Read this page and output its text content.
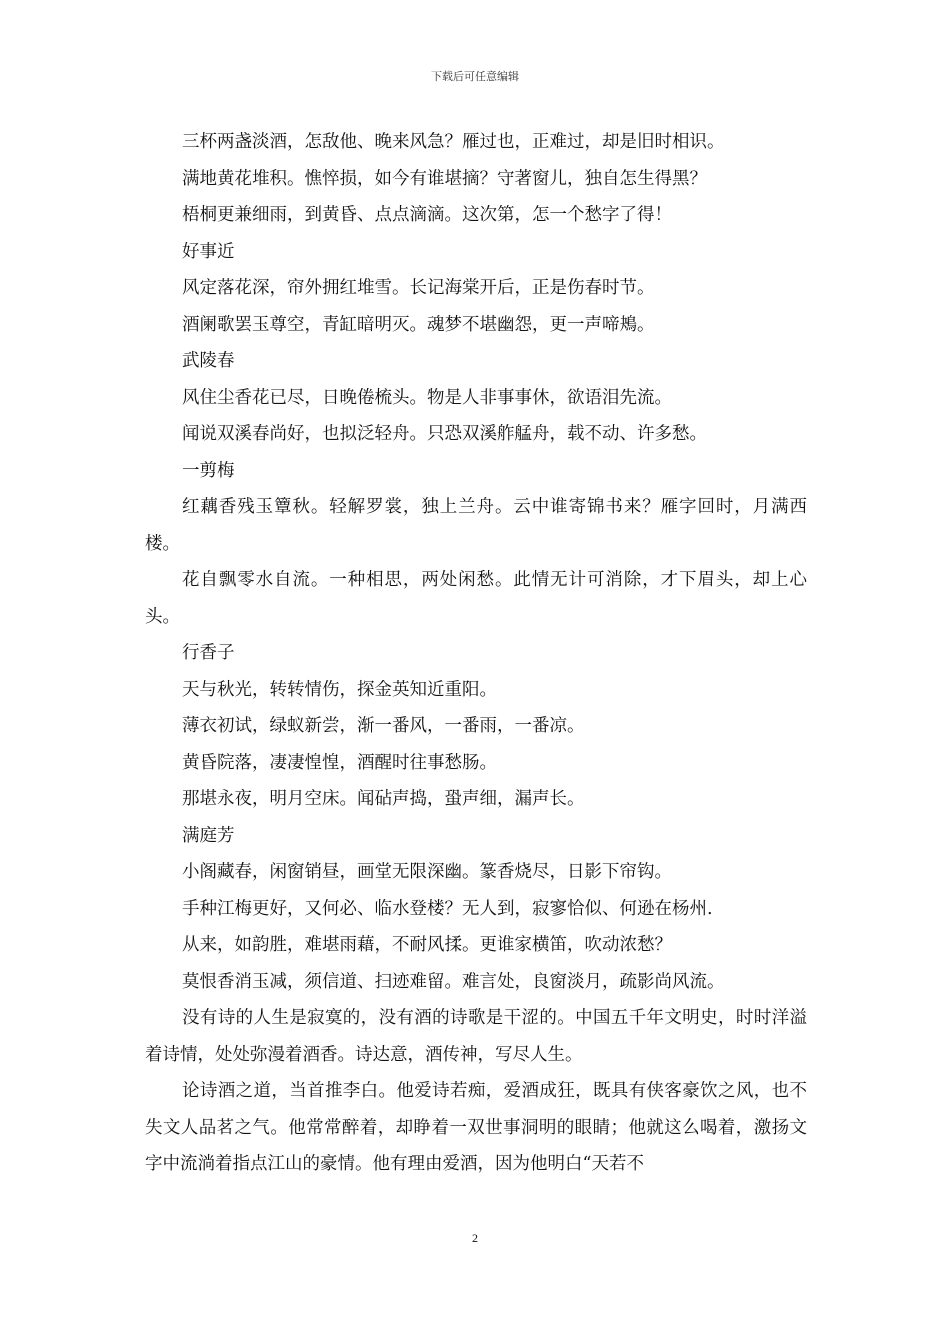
下载后可任意编辑

三杯两盏淡酒，怎敌他、晚来风急？雁过也，正难过，却是旧时相识。

满地黄花堆积。憔悴损，如今有谁堪摘？守著窗儿，独自怎生得黑？

梧桐更兼细雨，到黄昏、点点滴滴。这次第，怎一个愁字了得！

好事近

风定落花深，帘外拥红堆雪。长记海棠开后，正是伤春时节。

酒阑歌罢玉尊空，青缸暗明灭。魂梦不堪幽怨，更一声啼鴂。

武陵春

风住尘香花已尽，日晚倦梳头。物是人非事事休，欲语泪先流。

闻说双溪春尚好，也拟泛轻舟。只恐双溪舴艋舟，载不动、许多愁。

一剪梅

红藕香残玉簟秋。轻解罗裳，独上兰舟。云中谁寄锦书来？雁字回时，月满西楼。

花自飘零水自流。一种相思，两处闲愁。此情无计可消除，才下眉头，却上心头。

行香子

天与秋光，转转情伤，探金英知近重阳。

薄衣初试，绿蚁新尝，渐一番风，一番雨，一番凉。

黄昏院落，凄凄惶惶，酒醒时往事愁肠。

那堪永夜，明月空床。闻砧声捣，蛩声细，漏声长。

满庭芳

小阁藏春，闲窗销昼，画堂无限深幽。篆香烧尽，日影下帘钩。

手种江梅更好，又何必、临水登楼？无人到，寂寥恰似、何逊在杨州.

从来，如韵胜，难堪雨藉，不耐风揉。更谁家横笛，吹动浓愁？

莫恨香消玉减，须信道、扫迹难留。难言处，良窗淡月，疏影尚风流。

没有诗的人生是寂寞的，没有酒的诗歌是干涩的。中国五千年文明史，时时洋溢着诗情，处处弥漫着酒香。诗达意，酒传神，写尽人生。

论诗酒之道，当首推李白。他爱诗若痴，爱酒成狂，既具有侠客豪饮之风，也不失文人品茗之气。他常常醉着，却睁着一双世事洞明的眼睛；他就这么喝着，激扬文字中流淌着指点江山的豪情。他有理由爱酒，因为他明白“天若不

2
